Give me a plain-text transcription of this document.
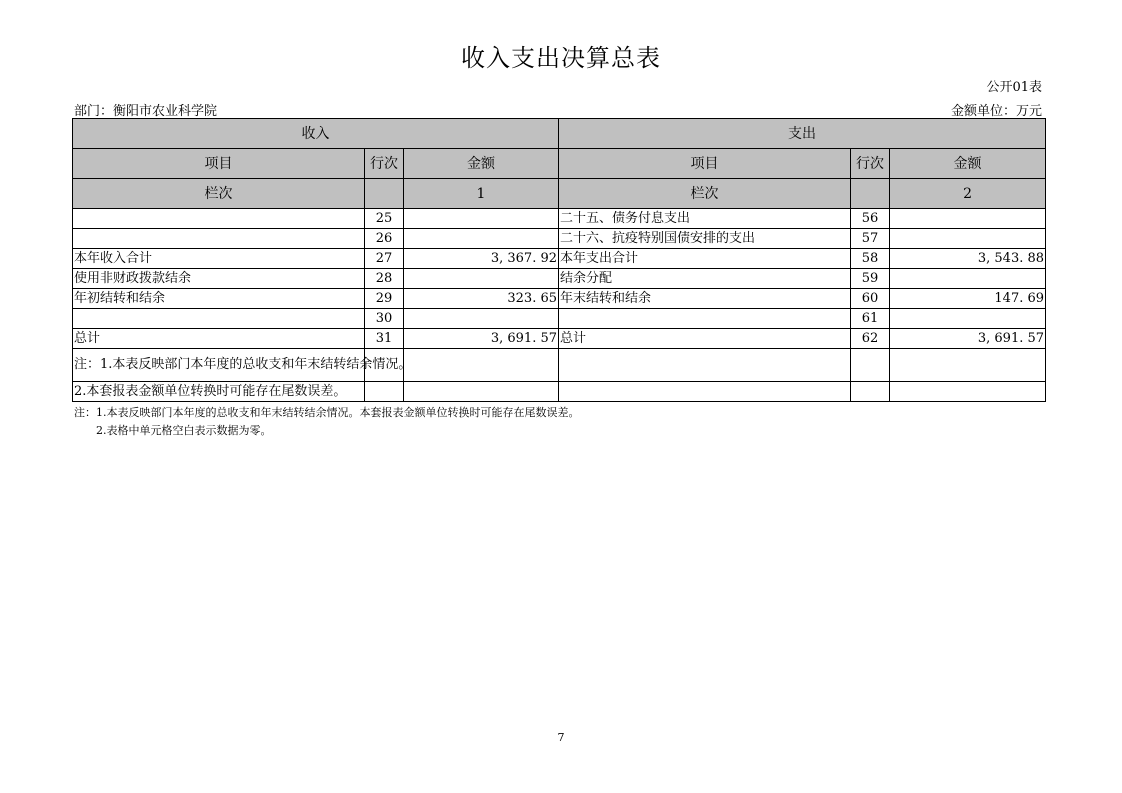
收入支出决算总表
公开01表
部门：衡阳市农业科学院	金额单位：万元
收入			支出		
项目	行次	金额	项目	行次	金额
栏次		1	栏次		2
	25		二十五、债务付息支出	56	
	26		二十六、抗疫特别国债安排的支出	57	
本年收入合计	27	3, 367. 92	本年支出合计	58	3, 543. 88
使用非财政拨款结余	28		结余分配	59	
年初结转和结余	29	323. 65	年末结转和结余	60	147. 69
	30			61	
总计	31	3, 691. 57	总计	62	3, 691. 57
注：1.本表反映部门本年度的总收支和年末结转结余情况。					
2.本套报表金额单位转换时可能存在尾数误差。					
注：1.本表反映部门本年度的总收支和年末结转结余情况。本套报表金额单位转换时可能存在尾数误差。
2.表格中单元格空白表示数据为零。
7
